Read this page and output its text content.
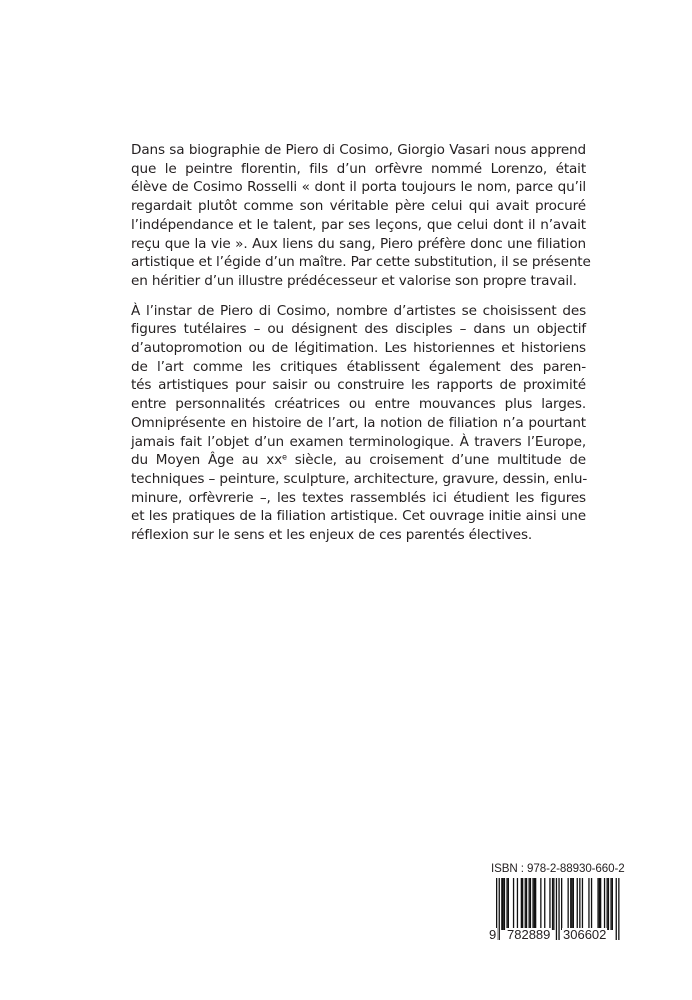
Dans sa biographie de Piero di Cosimo, Giorgio Vasari nous apprend
que le peintre florentin, fils d’un orfèvre nommé Lorenzo, était
élève de Cosimo Rosselli « dont il porta toujours le nom, parce qu’il
regardait plutôt comme son véritable père celui qui avait procuré
l’indépendance et le talent, par ses leçons, que celui dont il n’avait
reçu que la vie ». Aux liens du sang, Piero préfère donc une filiation
artistique et l’égide d’un maître. Par cette substitution, il se présente
en héritier d’un illustre prédécesseur et valorise son propre travail.

À l’instar de Piero di Cosimo, nombre d’artistes se choisissent des
figures tutélaires – ou désignent des disciples – dans un objectif
d’autopromotion ou de légitimation. Les historiennes et historiens
de l’art comme les critiques établissent également des paren-
tés artistiques pour saisir ou construire les rapports de proximité
entre personnalités créatrices ou entre mouvances plus larges.
Omniprésente en histoire de l’art, la notion de filiation n’a pourtant
jamais fait l’objet d’un examen terminologique. À travers l’Europe,
du Moyen Âge au $xx^e$ siècle, au croisement d’une multitude de
techniques – peinture, sculpture, architecture, gravure, dessin, enlu-
minure, orfèvrerie –, les textes rassemblés ici étudient les figures
et les pratiques de la filiation artistique. Cet ouvrage initie ainsi une
réflexion sur le sens et les enjeux de ces parentés électives.

ISBN : 978-2-88930-660-2
9 782889 306602
